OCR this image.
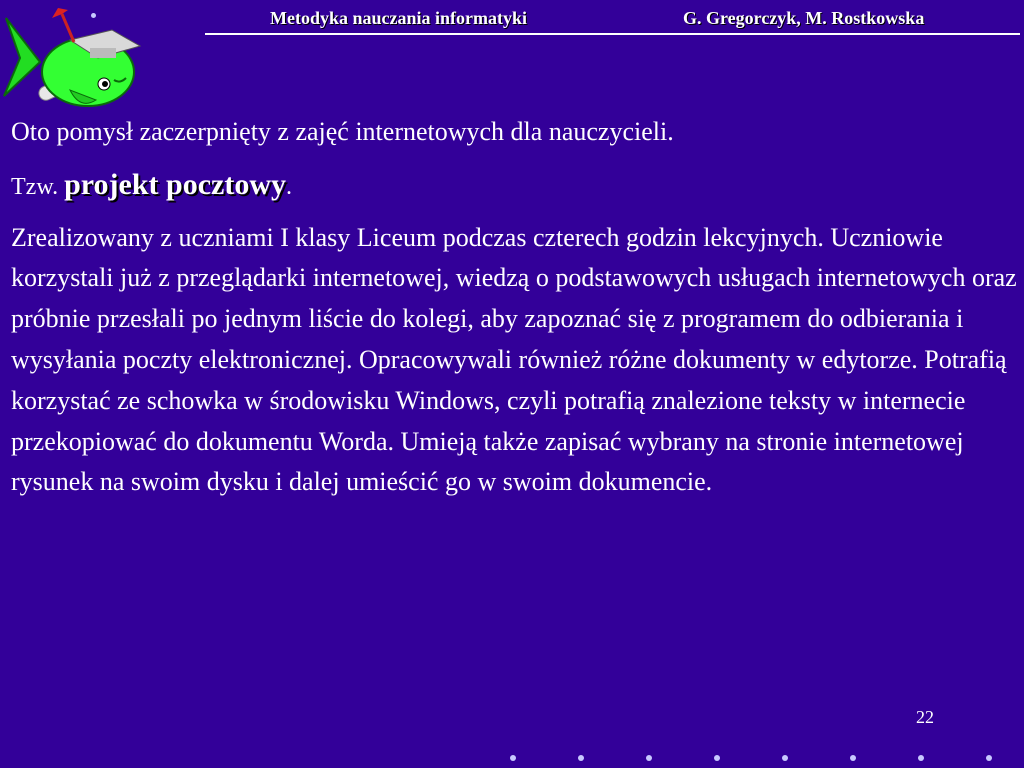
Metodyka nauczania informatyki	G. Gregorczyk, M. Rostkowska

Oto pomysł zaczerpnięty z zajęć internetowych dla nauczycieli.

Tzw. projekt pocztowy.

Zrealizowany z uczniami I klasy Liceum podczas czterech godzin lekcyjnych. Uczniowie korzystali już z przeglądarki internetowej, wiedzą o podstawowych usługach internetowych oraz próbnie przesłali po jednym liście do kolegi, aby zapoznać się z programem do odbierania i wysyłania poczty elektronicznej. Opracowywali również różne dokumenty w edytorze. Potrafią korzystać ze schowka w środowisku Windows, czyli potrafią znalezione teksty w internecie przekopiować do dokumentu Worda. Umieją także zapisać wybrany na stronie internetowej rysunek na swoim dysku i dalej umieścić go w swoim dokumencie.

22
